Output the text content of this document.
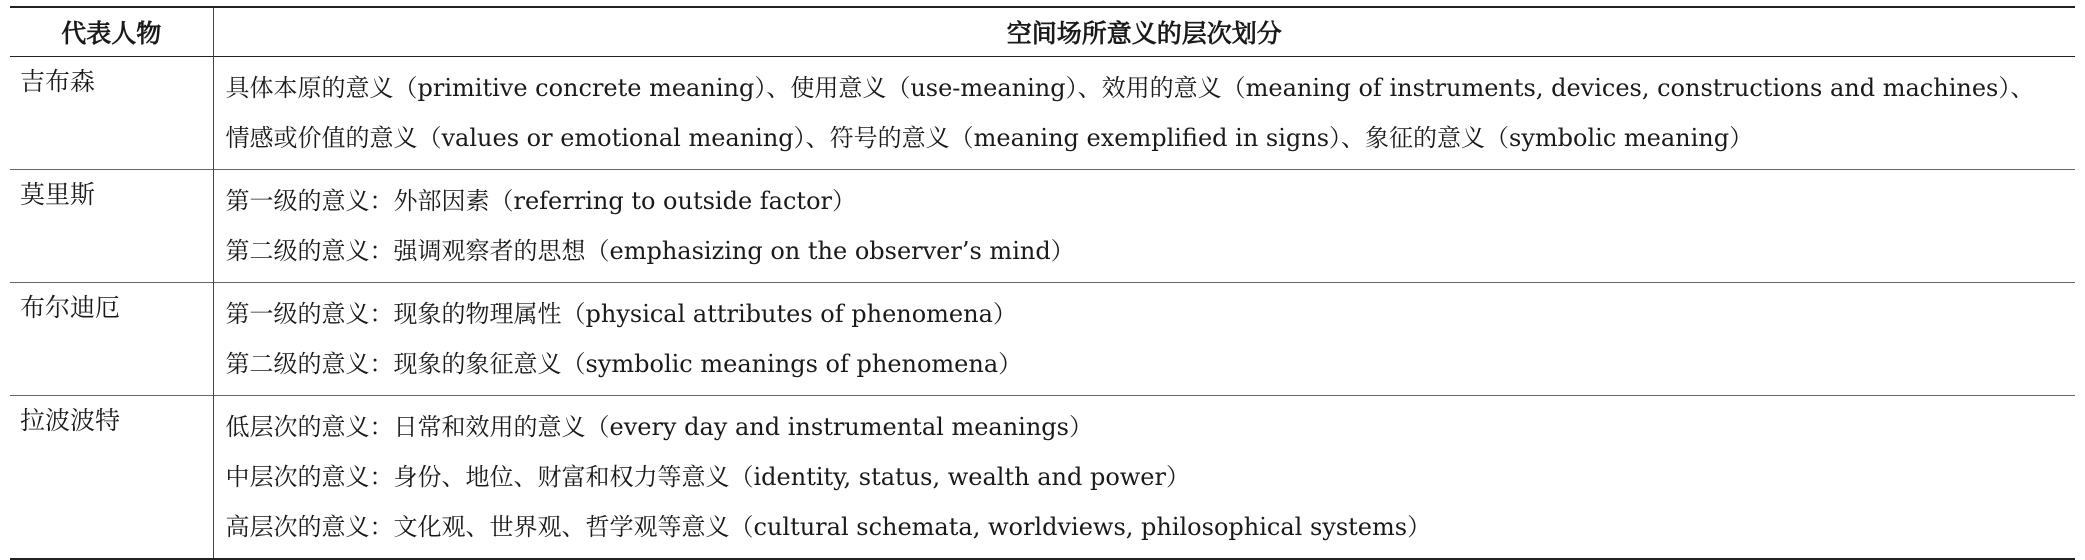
代表人物	空间场所意义的层次划分
吉布森	具体本原的意义（primitive concrete meaning）、使用意义（use-meaning）、效用的意义（meaning of instruments, devices, constructions and machines）、
情感或价值的意义（values or emotional meaning）、符号的意义（meaning exemplified in signs）、象征的意义（symbolic meaning）

莫里斯	第一级的意义：外部因素（referring to outside factor）
第二级的意义：强调观察者的思想（emphasizing on the observer’s mind）

布尔迪厄	第一级的意义：现象的物理属性（physical attributes of phenomena）
第二级的意义：现象的象征意义（symbolic meanings of phenomena）

拉波波特	低层次的意义：日常和效用的意义（every day and instrumental meanings）
中层次的意义：身份、地位、财富和权力等意义（identity, status, wealth and power）
高层次的意义：文化观、世界观、哲学观等意义（cultural schemata, worldviews, philosophical systems）
